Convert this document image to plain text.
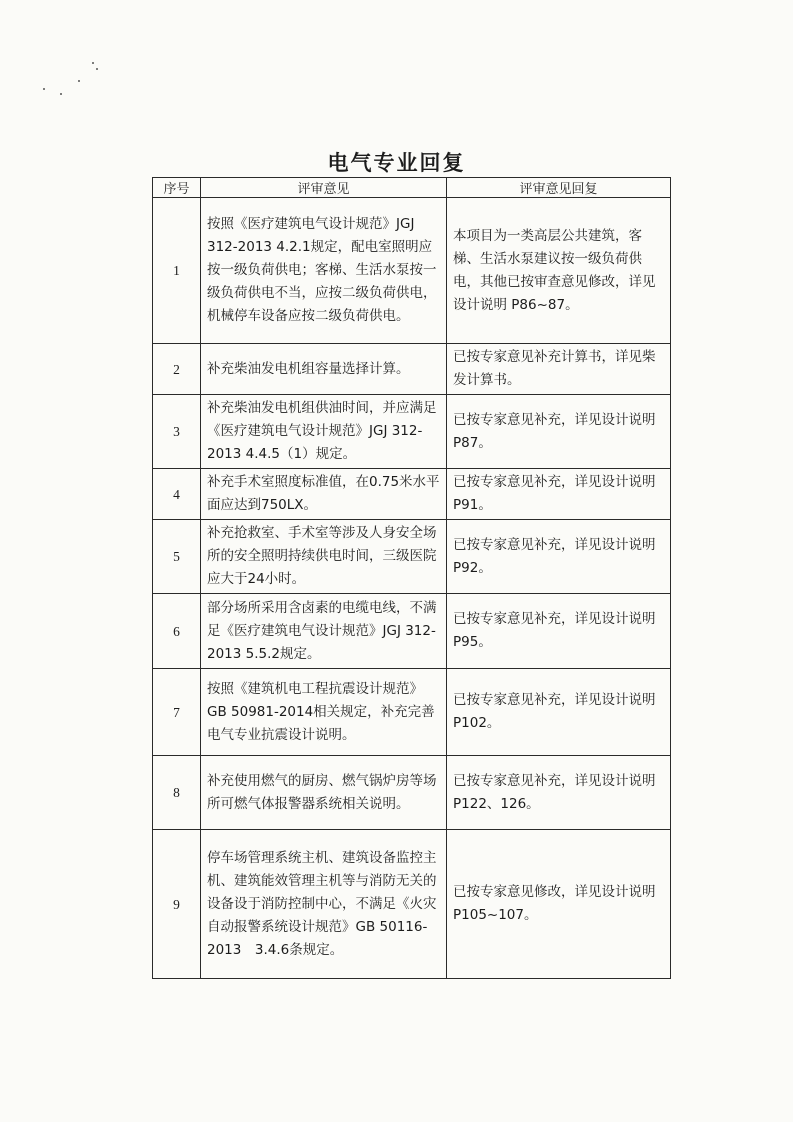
电气专业回复
序号	评审意见	评审意见回复
1	按照《医疗建筑电气设计规范》JGJ 312-2013 4.2.1规定，配电室照明应按一级负荷供电；客梯、生活水泵按一级负荷供电不当，应按二级负荷供电，机械停车设备应按二级负荷供电。	本项目为一类高层公共建筑，客梯、生活水泵建议按一级负荷供电，其他已按审查意见修改，详见设计说明 P86~87。
2	补充柴油发电机组容量选择计算。	已按专家意见补充计算书，详见柴发计算书。
3	补充柴油发电机组供油时间，并应满足《医疗建筑电气设计规范》JGJ 312-2013 4.4.5（1）规定。	已按专家意见补充，详见设计说明 P87。
4	补充手术室照度标准值，在0.75米水平面应达到750LX。	已按专家意见补充，详见设计说明 P91。
5	补充抢救室、手术室等涉及人身安全场所的安全照明持续供电时间，三级医院应大于24小时。	已按专家意见补充，详见设计说明 P92。
6	部分场所采用含卤素的电缆电线，不满足《医疗建筑电气设计规范》JGJ 312-2013 5.5.2规定。	已按专家意见补充，详见设计说明 P95。
7	按照《建筑机电工程抗震设计规范》GB 50981-2014相关规定，补充完善电气专业抗震设计说明。	已按专家意见补充，详见设计说明 P102。
8	补充使用燃气的厨房、燃气锅炉房等场所可燃气体报警器系统相关说明。	已按专家意见补充，详见设计说明 P122、126。
9	停车场管理系统主机、建筑设备监控主机、建筑能效管理主机等与消防无关的设备设于消防控制中心，不满足《火灾自动报警系统设计规范》GB 50116-2013　3.4.6条规定。	已按专家意见修改，详见设计说明 P105~107。
